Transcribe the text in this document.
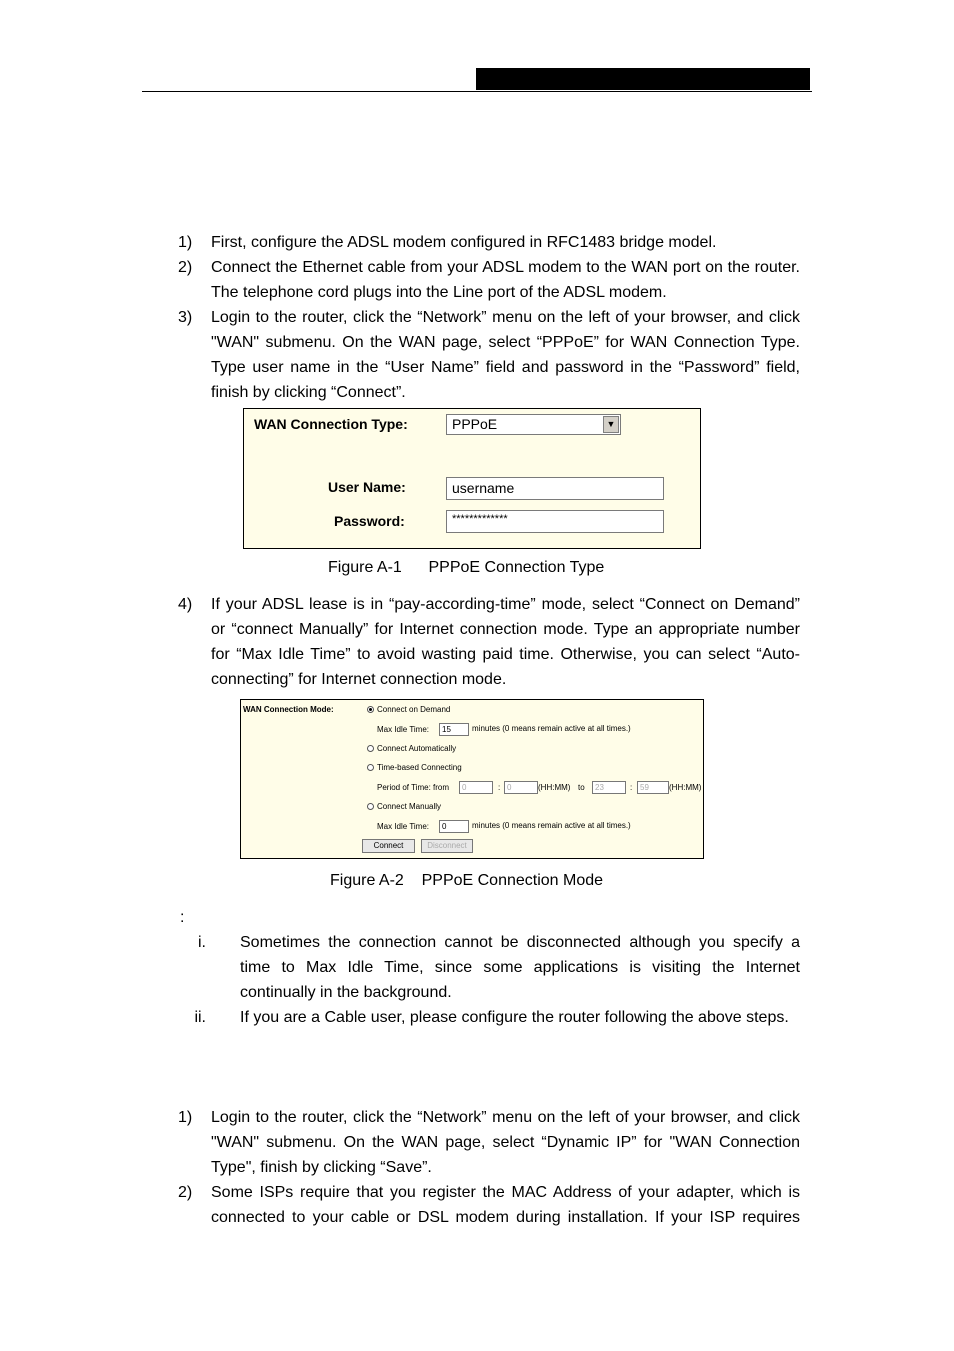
1)	First, configure the ADSL modem configured in RFC1483 bridge model.
2)	Connect the Ethernet cable from your ADSL modem to the WAN port on the router. The telephone cord plugs into the Line port of the ADSL modem.
3)	Login to the router, click the “Network” menu on the left of your browser, and click "WAN" submenu. On the WAN page, select “PPPoE” for WAN Connection Type. Type user name in the “User Name” field and password in the “Password” field, finish by clicking “Connect”.
WAN Connection Type:	PPPoE	▼
User Name:	username
Password:	*************
Figure A-1      PPPoE Connection Type
4)	If your ADSL lease is in “pay-according-time” mode, select “Connect on Demand” or “connect Manually” for Internet connection mode. Type an appropriate number for “Max Idle Time” to avoid wasting paid time. Otherwise, you can select “Auto-connecting” for Internet connection mode.
WAN Connection Mode:	Connect on Demand
Max Idle Time:	15	minutes (0 means remain active at all times.)
Connect Automatically
Time-based Connecting
Period of Time: from	0	: 0	(HH:MM) to	23	: 59	(HH:MM)
Connect Manually
Max Idle Time:	0	minutes (0 means remain active at all times.)
Connect	Disconnect
Figure A-2    PPPoE Connection Mode
:
i. Sometimes the connection cannot be disconnected although you specify a time to Max Idle Time, since some applications is visiting the Internet continually in the background.
ii. If you are a Cable user, please configure the router following the above steps.
1)	Login to the router, click the “Network” menu on the left of your browser, and click "WAN" submenu. On the WAN page, select “Dynamic IP” for "WAN Connection Type", finish by clicking “Save”.
2)	Some ISPs require that you register the MAC Address of your adapter, which is connected to your cable or DSL modem during installation. If your ISP requires
